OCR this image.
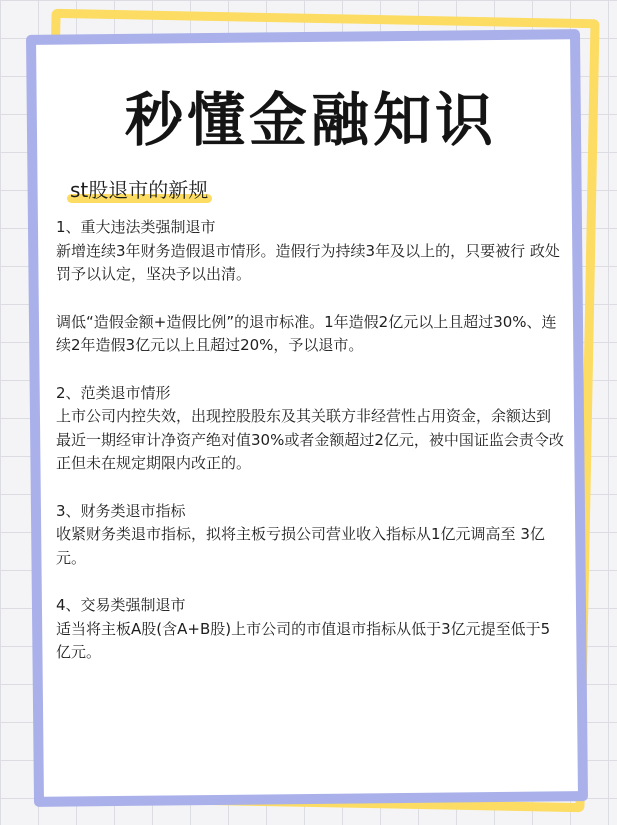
秒懂金融知识
st股退市的新规

1、重大违法类强制退市

新增连续3年财务造假退市情形。造假行为持续3年及以上的，只要被行 政处罚予以认定，坚决予以出清。

调低“造假金额+造假比例”的退市标准。1年造假2亿元以上且超过30%、连续2年造假3亿元以上且超过20%，予以退市。

2、范类退市情形

上市公司内控失效，出现控股股东及其关联方非经营性占用资金，余额达到最近一期经审计净资产绝对值30%或者金额超过2亿元，被中国证监会责令改正但未在规定期限内改正的。

3、财务类退市指标

收紧财务类退市指标，拟将主板亏损公司营业收入指标从1亿元调高至 3亿元。

4、交易类强制退市

适当将主板A股(含A+B股)上市公司的市值退市指标从低于3亿元提至低于5亿元。
